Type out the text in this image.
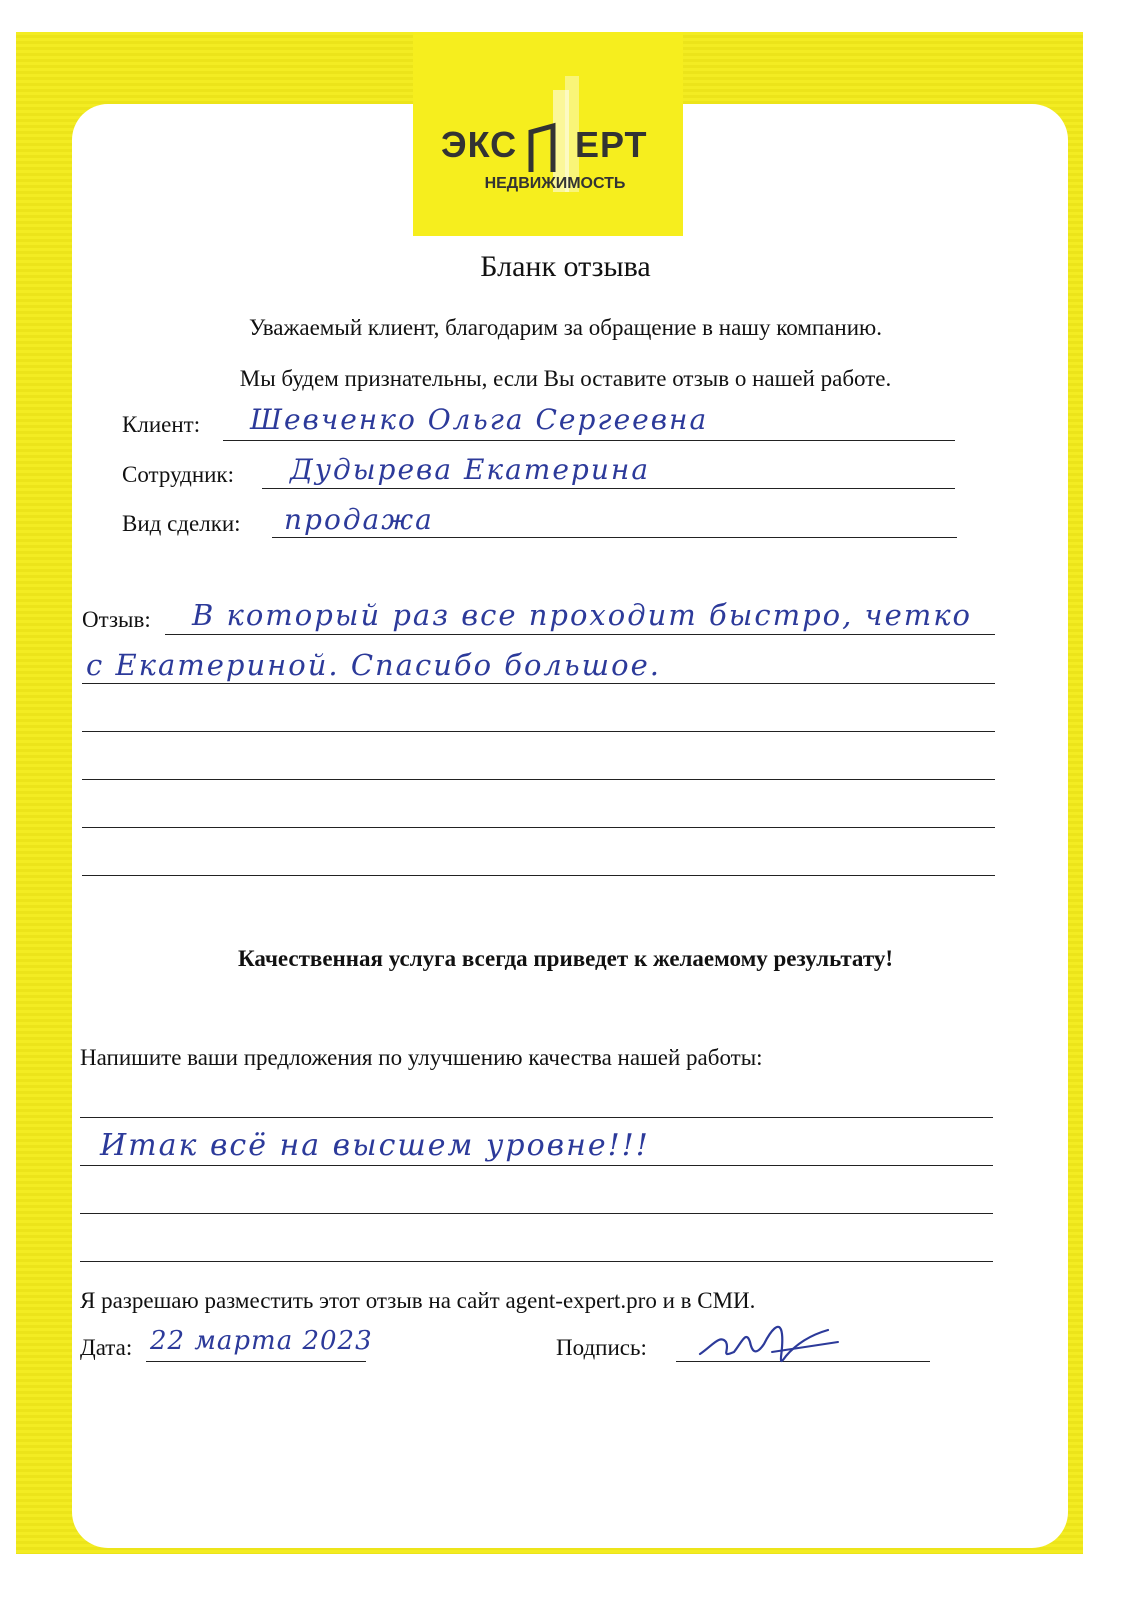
ЭКС ЕРТ
НЕДВИЖИМОСТЬ
Бланк отзыва
Уважаемый клиент, благодарим за обращение в нашу компанию.
Мы будем признательны, если Вы оставите отзыв о нашей работе.
Клиент: Шевченко Ольга Сергеевна
Сотрудник: Дудырева Екатерина
Вид сделки: продажа
Отзыв: В который раз все проходит быстро, четко
с Екатериной. Спасибо большое.
Качественная услуга всегда приведет к желаемому результату!
Напишите ваши предложения по улучшению качества нашей работы:
Итак всё на высшем уровне!!!
Я разрешаю разместить этот отзыв на сайт agent-expert.pro и в СМИ.
Дата: 22 марта 2023	Подпись:
